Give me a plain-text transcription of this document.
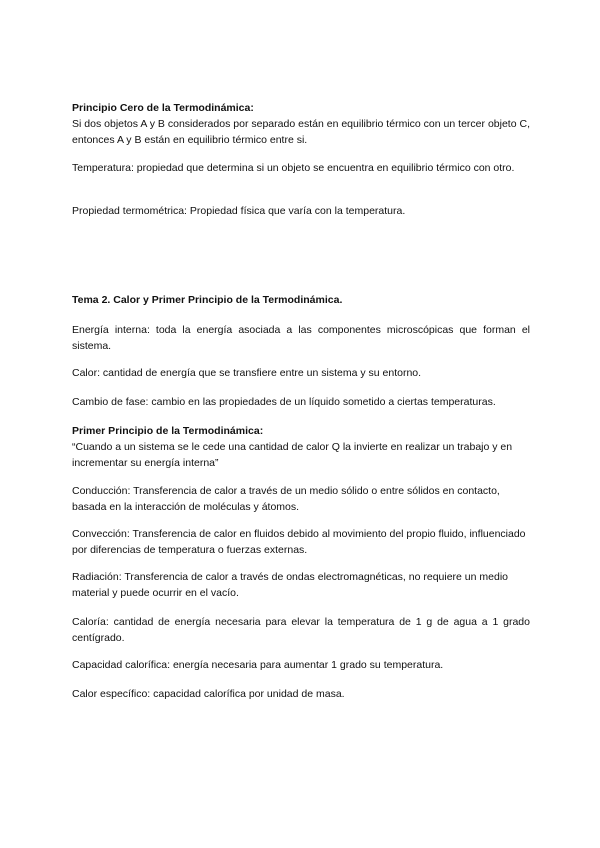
Principio Cero de la Termodinámica:

Si dos objetos A y B considerados por separado están en equilibrio térmico con un tercer objeto C, entonces A y B están en equilibrio térmico entre si.

Temperatura: propiedad que determina si un objeto se encuentra en equilibrio térmico con otro.

Propiedad termométrica: Propiedad física que varía con la temperatura.

Tema 2. Calor y Primer Principio de la Termodinámica.

Energía interna: toda la energía asociada a las componentes microscópicas que forman el sistema.

Calor: cantidad de energía que se transfiere entre un sistema y su entorno.

Cambio de fase: cambio en las propiedades de un líquido sometido a ciertas temperaturas.

Primer Principio de la Termodinámica:

“Cuando a un sistema se le cede una cantidad de calor Q la invierte en realizar un trabajo y en incrementar su energía interna”

Conducción: Transferencia de calor a través de un medio sólido o entre sólidos en contacto, basada en la interacción de moléculas y átomos.

Convección: Transferencia de calor en fluidos debido al movimiento del propio fluido, influenciado por diferencias de temperatura o fuerzas externas.

Radiación: Transferencia de calor a través de ondas electromagnéticas, no requiere un medio material y puede ocurrir en el vacío.

Caloría: cantidad de energía necesaria para elevar la temperatura de 1 g de agua a 1 grado centígrado.

Capacidad calorífica: energía necesaria para aumentar 1 grado su temperatura.

Calor específico: capacidad calorífica por unidad de masa.
